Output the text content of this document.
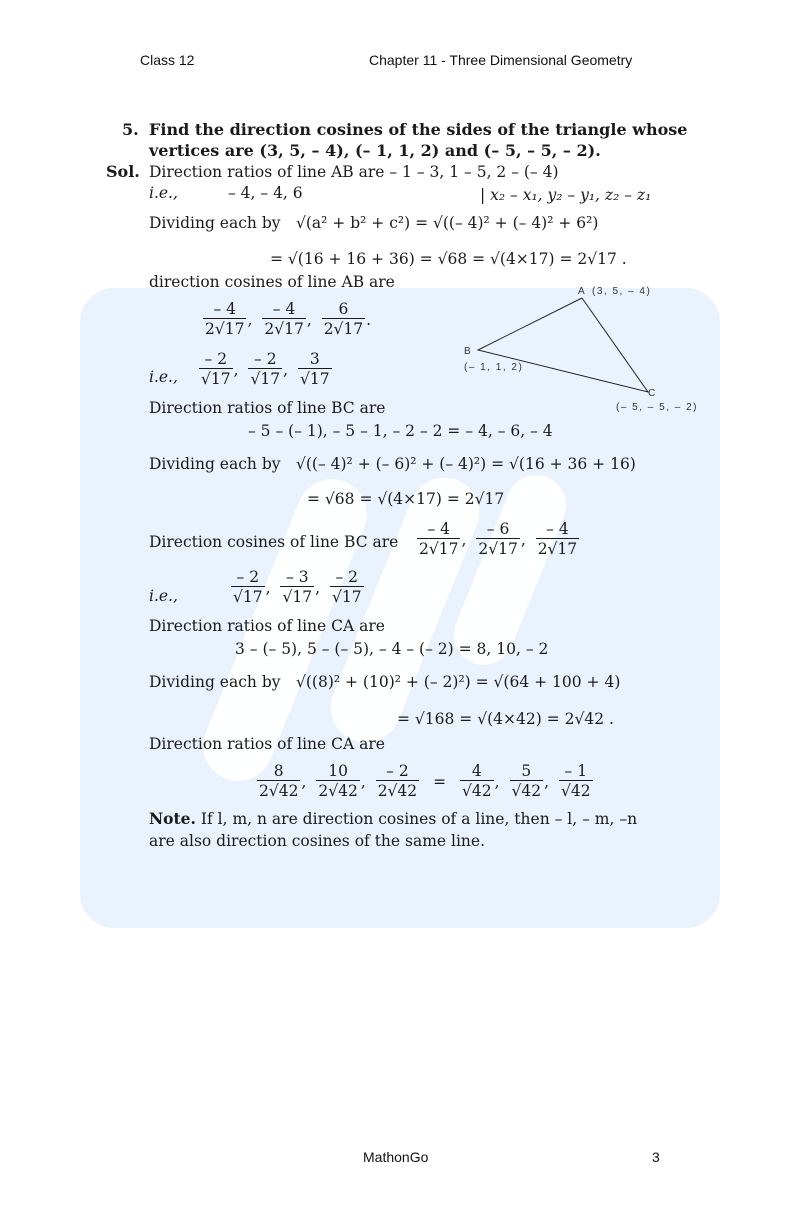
Class 12	Chapter 11 - Three Dimensional Geometry
5. Find the direction cosines of the sides of the triangle whose
vertices are (3, 5, – 4), (– 1, 1, 2) and (– 5, – 5, – 2).
Sol. Direction ratios of line AB are – 1 – 3, 1 – 5, 2 – (– 4)
i.e.,	– 4, – 4, 6	| x₂ – x₁, y₂ – y₁, z₂ – z₁
Dividing each by √(a² + b² + c²) = √((– 4)² + (– 4)² + 6²)
= √(16 + 16 + 36) = √68 = √(4×17) = 2√17 .
direction cosines of line AB are
$\frac{- 4}{2√17}$ , $\frac{- 4}{2√17}$ , $\frac{6}{2√17}$ .
i.e., $\frac{- 2}{√17}$ , $\frac{- 2}{√17}$ , $\frac{3}{√17}$
Direction ratios of line BC are
– 5 – (– 1), – 5 – 1, – 2 – 2 = – 4, – 6, – 4
Dividing each by √((– 4)² + (– 6)² + (– 4)²) = √(16 + 36 + 16)
= √68 = √(4×17) = 2√17
Direction cosines of line BC are $\frac{- 4}{2√17}$ , $\frac{- 6}{2√17}$ , $\frac{- 4}{2√17}$
i.e.,	$\frac{- 2}{√17}$ , $\frac{- 3}{√17}$ , $\frac{- 2}{√17}$
Direction ratios of line CA are
3 – (– 5), 5 – (– 5), – 4 – (– 2) = 8, 10, – 2
Dividing each by √((8)² + (10)² + (– 2)²) = √(64 + 100 + 4)
= √168 = √(4×42) = 2√42 .
Direction ratios of line CA are
$\frac{8}{2√42}$ , $\frac{10}{2√42}$ , $\frac{- 2}{2√42} = \frac{4}{√42}$ , $\frac{5}{√42}$ , $\frac{- 1}{√42}$
Note. If l, m, n are direction cosines of a line, then – l, – m, –n
are also direction cosines of the same line.
A (3, 5, – 4)
B
(– 1, 1, 2)
C
(– 5, – 5, – 2)
MathonGo	3
